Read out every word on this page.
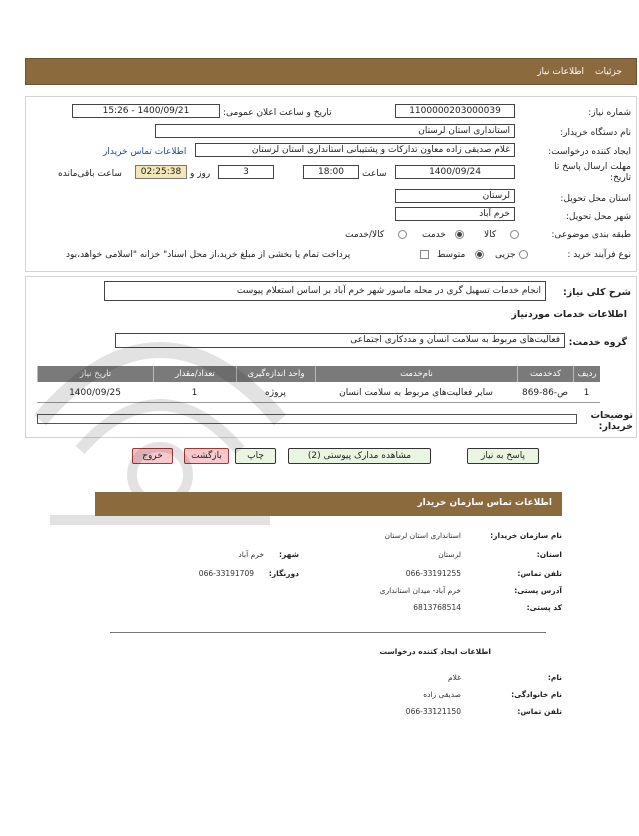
جزئیات
اطلاعات نیاز
شماره نیاز:
1100000203000039
تاریخ و ساعت اعلان عمومی:
1400/09/21 - 15:26
نام دستگاه خریدار:
استانداری استان لرستان
ایجاد کننده درخواست:
غلام صدیقی زاده معاون تدارکات و پشتیبانی استانداری استان لرستان
اطلاعات تماس خریدار
مهلت ارسال پاسخ تا تاریخ:
1400/09/24
ساعت
18:00
3
روز و
02:25:38
ساعت باقی‌مانده
استان محل تحویل:
لرستان
شهر محل تحویل:
خرم آباد
طبقه بندی موضوعی:
کالا
خدمت
کالا/خدمت
نوع فرآیند خرید :
جزیی
متوسط
پرداخت تمام یا بخشی از مبلغ خرید،از محل اسناد" خزانه "اسلامی خواهد،بود
شرح کلی نیاز:
انجام خدمات تسهیل گری در محله ماسور شهر خرم آباد بر اساس استعلام پیوست
اطلاعات خدمات موردنیاز
گروه خدمت:
فعالیت‌های مربوط به سلامت انسان و مددکاری اجتماعی
ردیف
کدخدمت
نام‌خدمت
واحد اندازه‌گیری
تعداد/مقدار
تاریخ نیاز
1
ص-86-869
سایر فعالیت‌های مربوط به سلامت انسان
پروژه
1
1400/09/25
توضیحات خریدار:
پاسخ به نیاز
مشاهده مدارک پیوستی (2)
چاپ
بازگشت
خروج
اطلاعات تماس سازمان خریدار
نام سازمان خریدار:
استانداری استان لرستان
استان:
لرستان
شهر:
خرم آباد
تلفن تماس:
066-33191255
دورنگار:
066-33191709
آدرس پستی:
خرم آباد- میدان استانداری
کد پستی:
6813768514
اطلاعات ایجاد کننده درخواست
نام:
غلام
نام خانوادگی:
صدیقی زاده
تلفن تماس:
066-33121150
